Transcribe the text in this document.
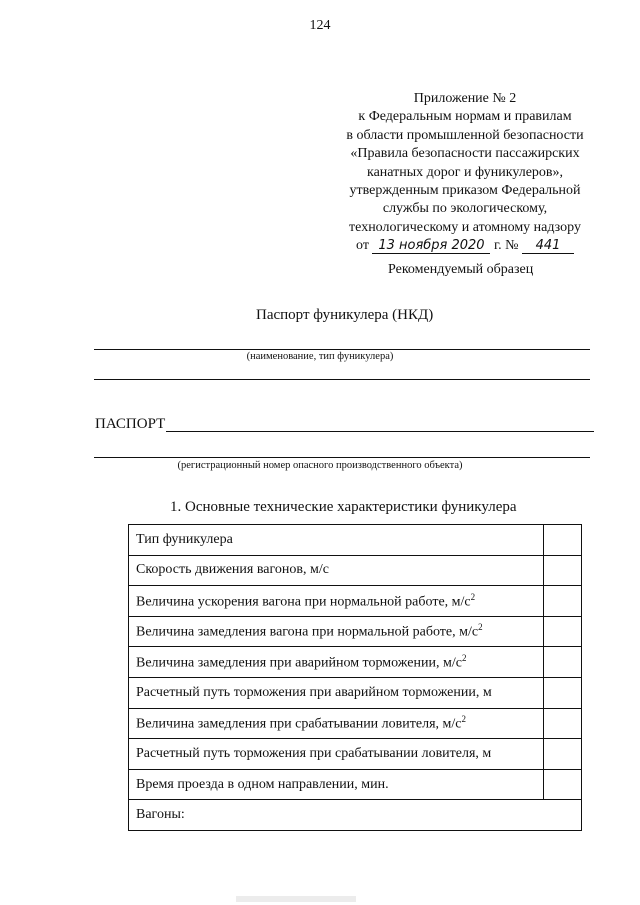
124
Приложение № 2
к Федеральным нормам и правилам
в области промышленной безопасности
«Правила безопасности пассажирских
канатных дорог и фуникулеров»,
утвержденным приказом Федеральной
службы по экологическому,
технологическому и атомному надзору
от 13 ноября 2020 г. № 441
Рекомендуемый образец
Паспорт фуникулера (НКД)
(наименование, тип фуникулера)
ПАСПОРТ
(регистрационный номер опасного производственного объекта)
1. Основные технические характеристики фуникулера
Тип фуникулера	
Скорость движения вагонов, м/с	
Величина ускорения вагона при нормальной работе, $м/с^2$	
Величина замедления вагона при нормальной работе, $м/с^2$	
Величина замедления при аварийном торможении, $м/с^2$	
Расчетный путь торможения при аварийном торможении, м	
Величина замедления при срабатывании ловителя, $м/с^2$	
Расчетный путь торможения при срабатывании ловителя, м	
Время проезда в одном направлении, мин.	
Вагоны:	
